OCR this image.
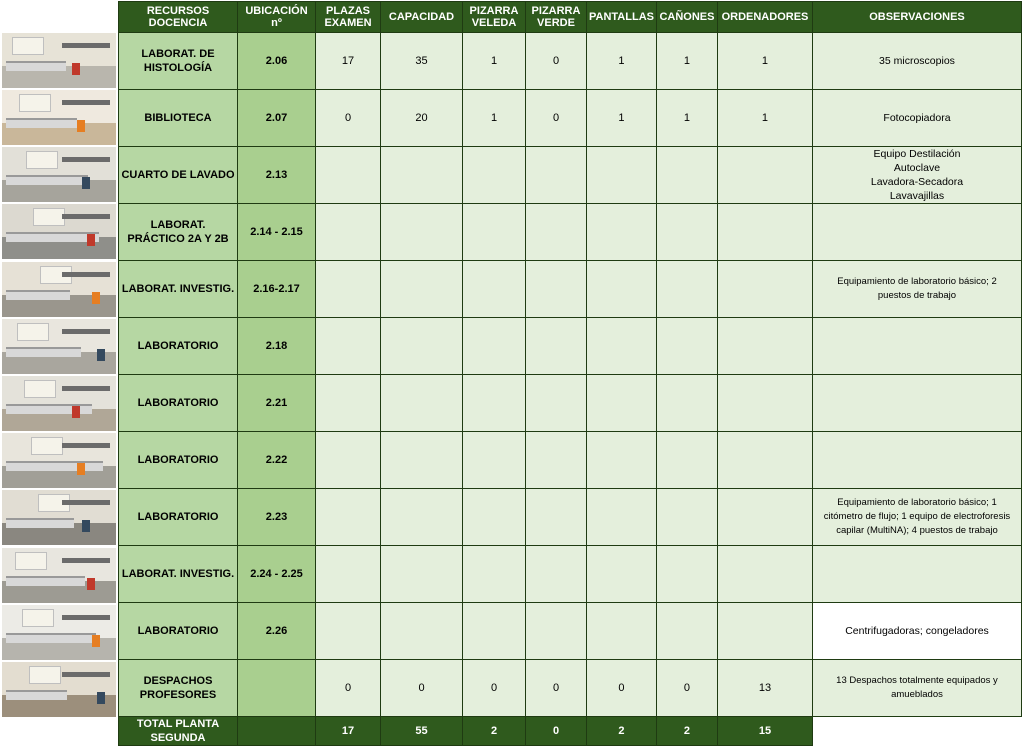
RECURSOS DOCENCIA	UBICACIÓN nº	PLAZAS EXAMEN	CAPACIDAD	PIZARRA VELEDA	PIZARRA VERDE	PANTALLAS	CAÑONES	ORDENADORES	OBSERVACIONES
LABORAT. DE HISTOLOGÍA	2.06	17	35	1	0	1	1	1	35 microscopios

BIBLIOTECA	2.07	0	20	1	0	1	1	1	Fotocopiadora

CUARTO DE LAVADO	2.13								Equipo Destilación
Autoclave
Lavadora-Secadora
Lavavajillas

LABORAT. PRÁCTICO 2A Y 2B	2.14 - 2.15								
LABORAT. INVESTIG.	2.16-2.17								Equipamiento de laboratorio básico; 2
puestos de trabajo

LABORATORIO	2.18								
LABORATORIO	2.21								
LABORATORIO	2.22								
LABORATORIO	2.23								Equipamiento de laboratorio básico; 1
citómetro de flujo; 1 equipo de electroforesis
capilar (MultiNA); 4 puestos de trabajo

LABORAT. INVESTIG.	2.24 - 2.25								
LABORATORIO	2.26								Centrifugadoras; congeladores

DESPACHOS PROFESORES		0	0	0	0	0	0	13	13 Despachos totalmente equipados y
amueblados

TOTAL PLANTA SEGUNDA		17	55	2	0	2	2	15	
